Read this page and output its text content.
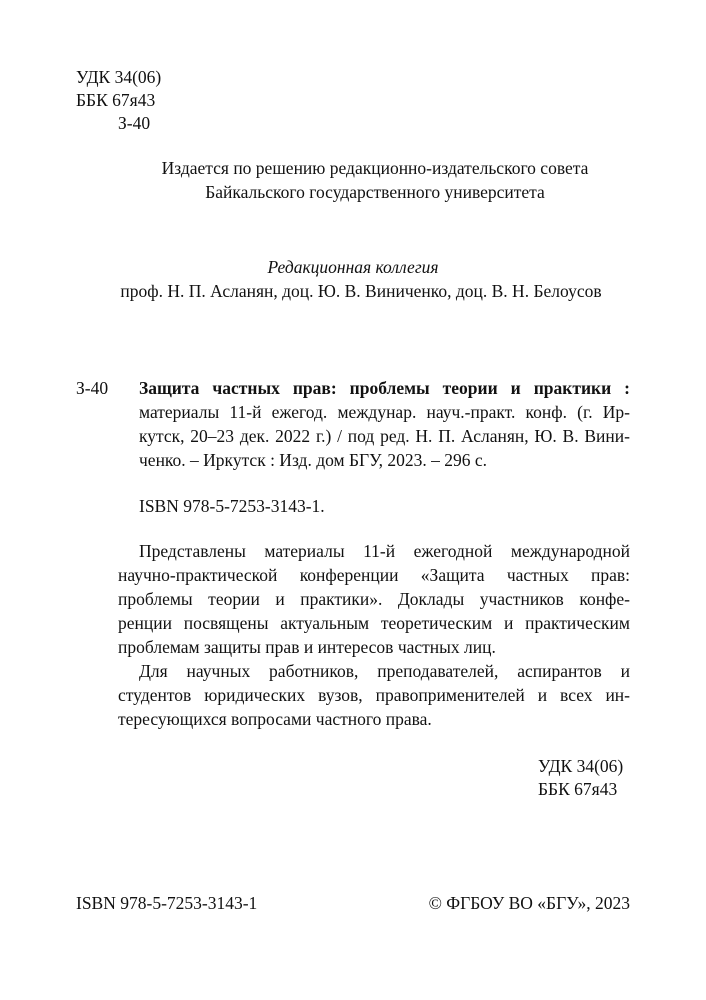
УДК 34(06)
ББК 67я43
З-40
Издается по решению редакционно-издательского совета
Байкальского государственного университета
Редакционная коллегия
проф. Н. П. Асланян, доц. Ю. В. Виниченко, доц. В. Н. Белоусов
З-40 Защита частных прав: проблемы теории и практики :
материалы 11-й ежегод. междунар. науч.-практ. конф. (г. Ир-
кутск, 20–23 дек. 2022 г.) / под ред. Н. П. Асланян, Ю. В. Вини-
ченко. – Иркутск : Изд. дом БГУ, 2023. – 296 с.
ISBN 978-5-7253-3143-1.
Представлены материалы 11-й ежегодной международной
научно-практической конференции «Защита частных прав:
проблемы теории и практики». Доклады участников конфе-
ренции посвящены актуальным теоретическим и практическим
проблемам защиты прав и интересов частных лиц.
Для научных работников, преподавателей, аспирантов и
студентов юридических вузов, правоприменителей и всех ин-
тересующихся вопросами частного права.
УДК 34(06)
ББК 67я43
ISBN 978-5-7253-3143-1	© ФГБОУ ВО «БГУ», 2023
